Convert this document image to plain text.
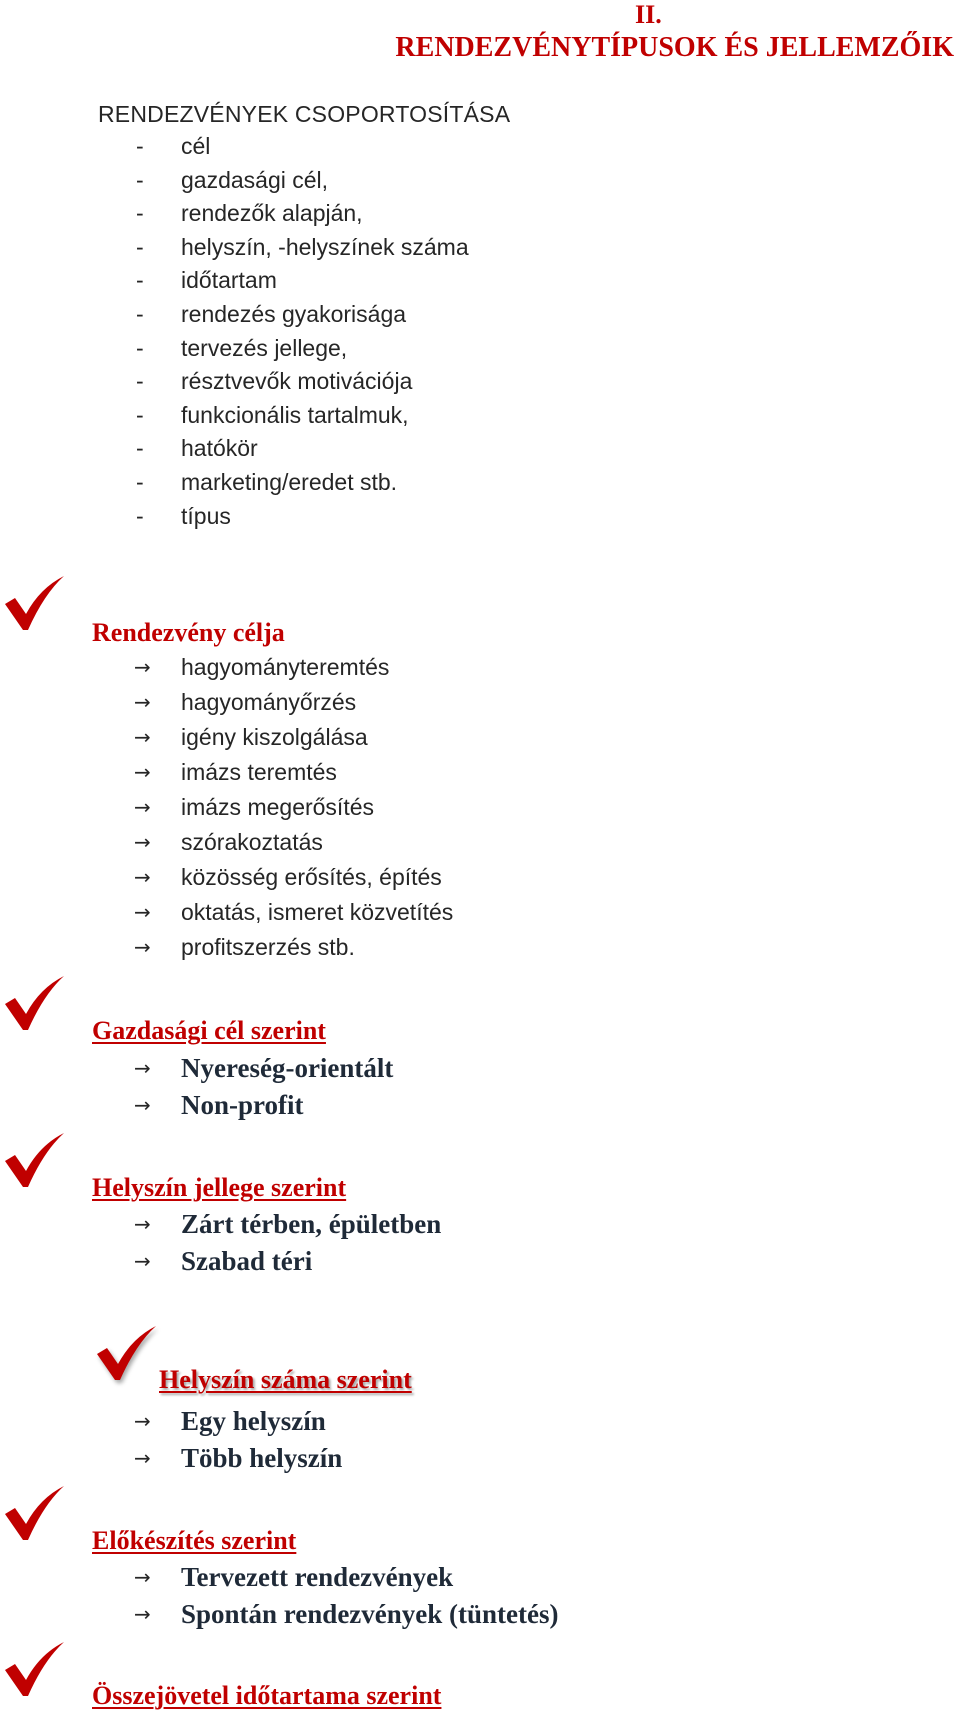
II.
RENDEZVÉNYTÍPUSOK ÉS JELLEMZŐIK
RENDEZVÉNYEK CSOPORTOSÍTÁSA
- cél
- gazdasági cél,
- rendezők alapján,
- helyszín, -helyszínek száma
- időtartam
- rendezés gyakorisága
- tervezés jellege,
- résztvevők motivációja
- funkcionális tartalmuk,
- hatókör
- marketing/eredet stb.
- típus
Rendezvény célja
→ hagyományteremtés
→ hagyományőrzés
→ igény kiszolgálása
→ imázs teremtés
→ imázs megerősítés
→ szórakoztatás
→ közösség erősítés, építés
→ oktatás, ismeret közvetítés
→ profitszerzés stb.
Gazdasági cél szerint
→ Nyereség-orientált
→ Non-profit
Helyszín jellege szerint
→ Zárt térben, épületben
→ Szabad téri
Helyszín száma szerint
→ Egy helyszín
→ Több helyszín
Előkészítés szerint
→ Tervezett rendezvények
→ Spontán rendezvények (tüntetés)
Összejövetel időtartama szerint
